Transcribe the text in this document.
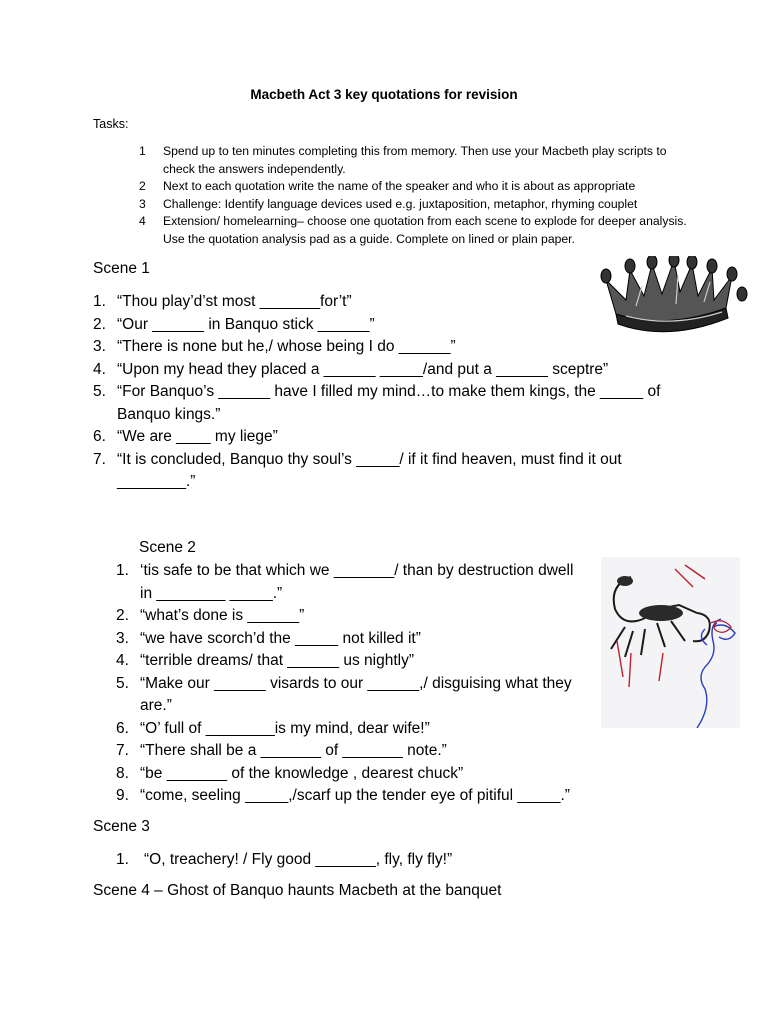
Macbeth Act 3 key quotations for revision
Tasks:
1	Spend up to ten minutes completing this from memory. Then use your Macbeth play scripts to check the answers independently.
2	Next to each quotation write the name of the speaker and who it is about as appropriate
3	Challenge: Identify language devices used e.g. juxtaposition, metaphor, rhyming couplet
4	Extension/ homelearning– choose one quotation from each scene to explode for deeper analysis. Use the quotation analysis pad as a guide. Complete on lined or plain paper.
Scene 1
1. “Thou play’d’st most _______for’t”
2. “Our ______ in Banquo stick ______”
3. “There is none but he,/ whose being I do ______”
4. “Upon my head they placed a ______ _____/and put a ______ sceptre”
5. “For Banquo’s ______ have I filled my mind…to make them kings, the _____ of Banquo kings.”
6. “We are ____ my liege”
7. “It is concluded, Banquo thy soul’s _____/ if it find heaven, must find it out ________.”
Scene 2
1. ‘tis safe to be that which we _______/ than by destruction dwell in ________ _____.”
2. “what’s done is ______”
3. “we have scorch’d the _____ not killed it”
4. “terrible dreams/ that ______ us nightly”
5. “Make our ______ visards to our ______,/ disguising what they are.”
6. “O’ full of ________is my mind, dear wife!”
7. “There shall be a _______ of _______ note.”
8. “be _______ of the knowledge , dearest chuck”
9. “come, seeling _____,/scarf up the tender eye of pitiful _____.”
Scene 3
1. “O, treachery! / Fly good _______, fly, fly fly!”
Scene 4 – Ghost of Banquo haunts Macbeth at the banquet
